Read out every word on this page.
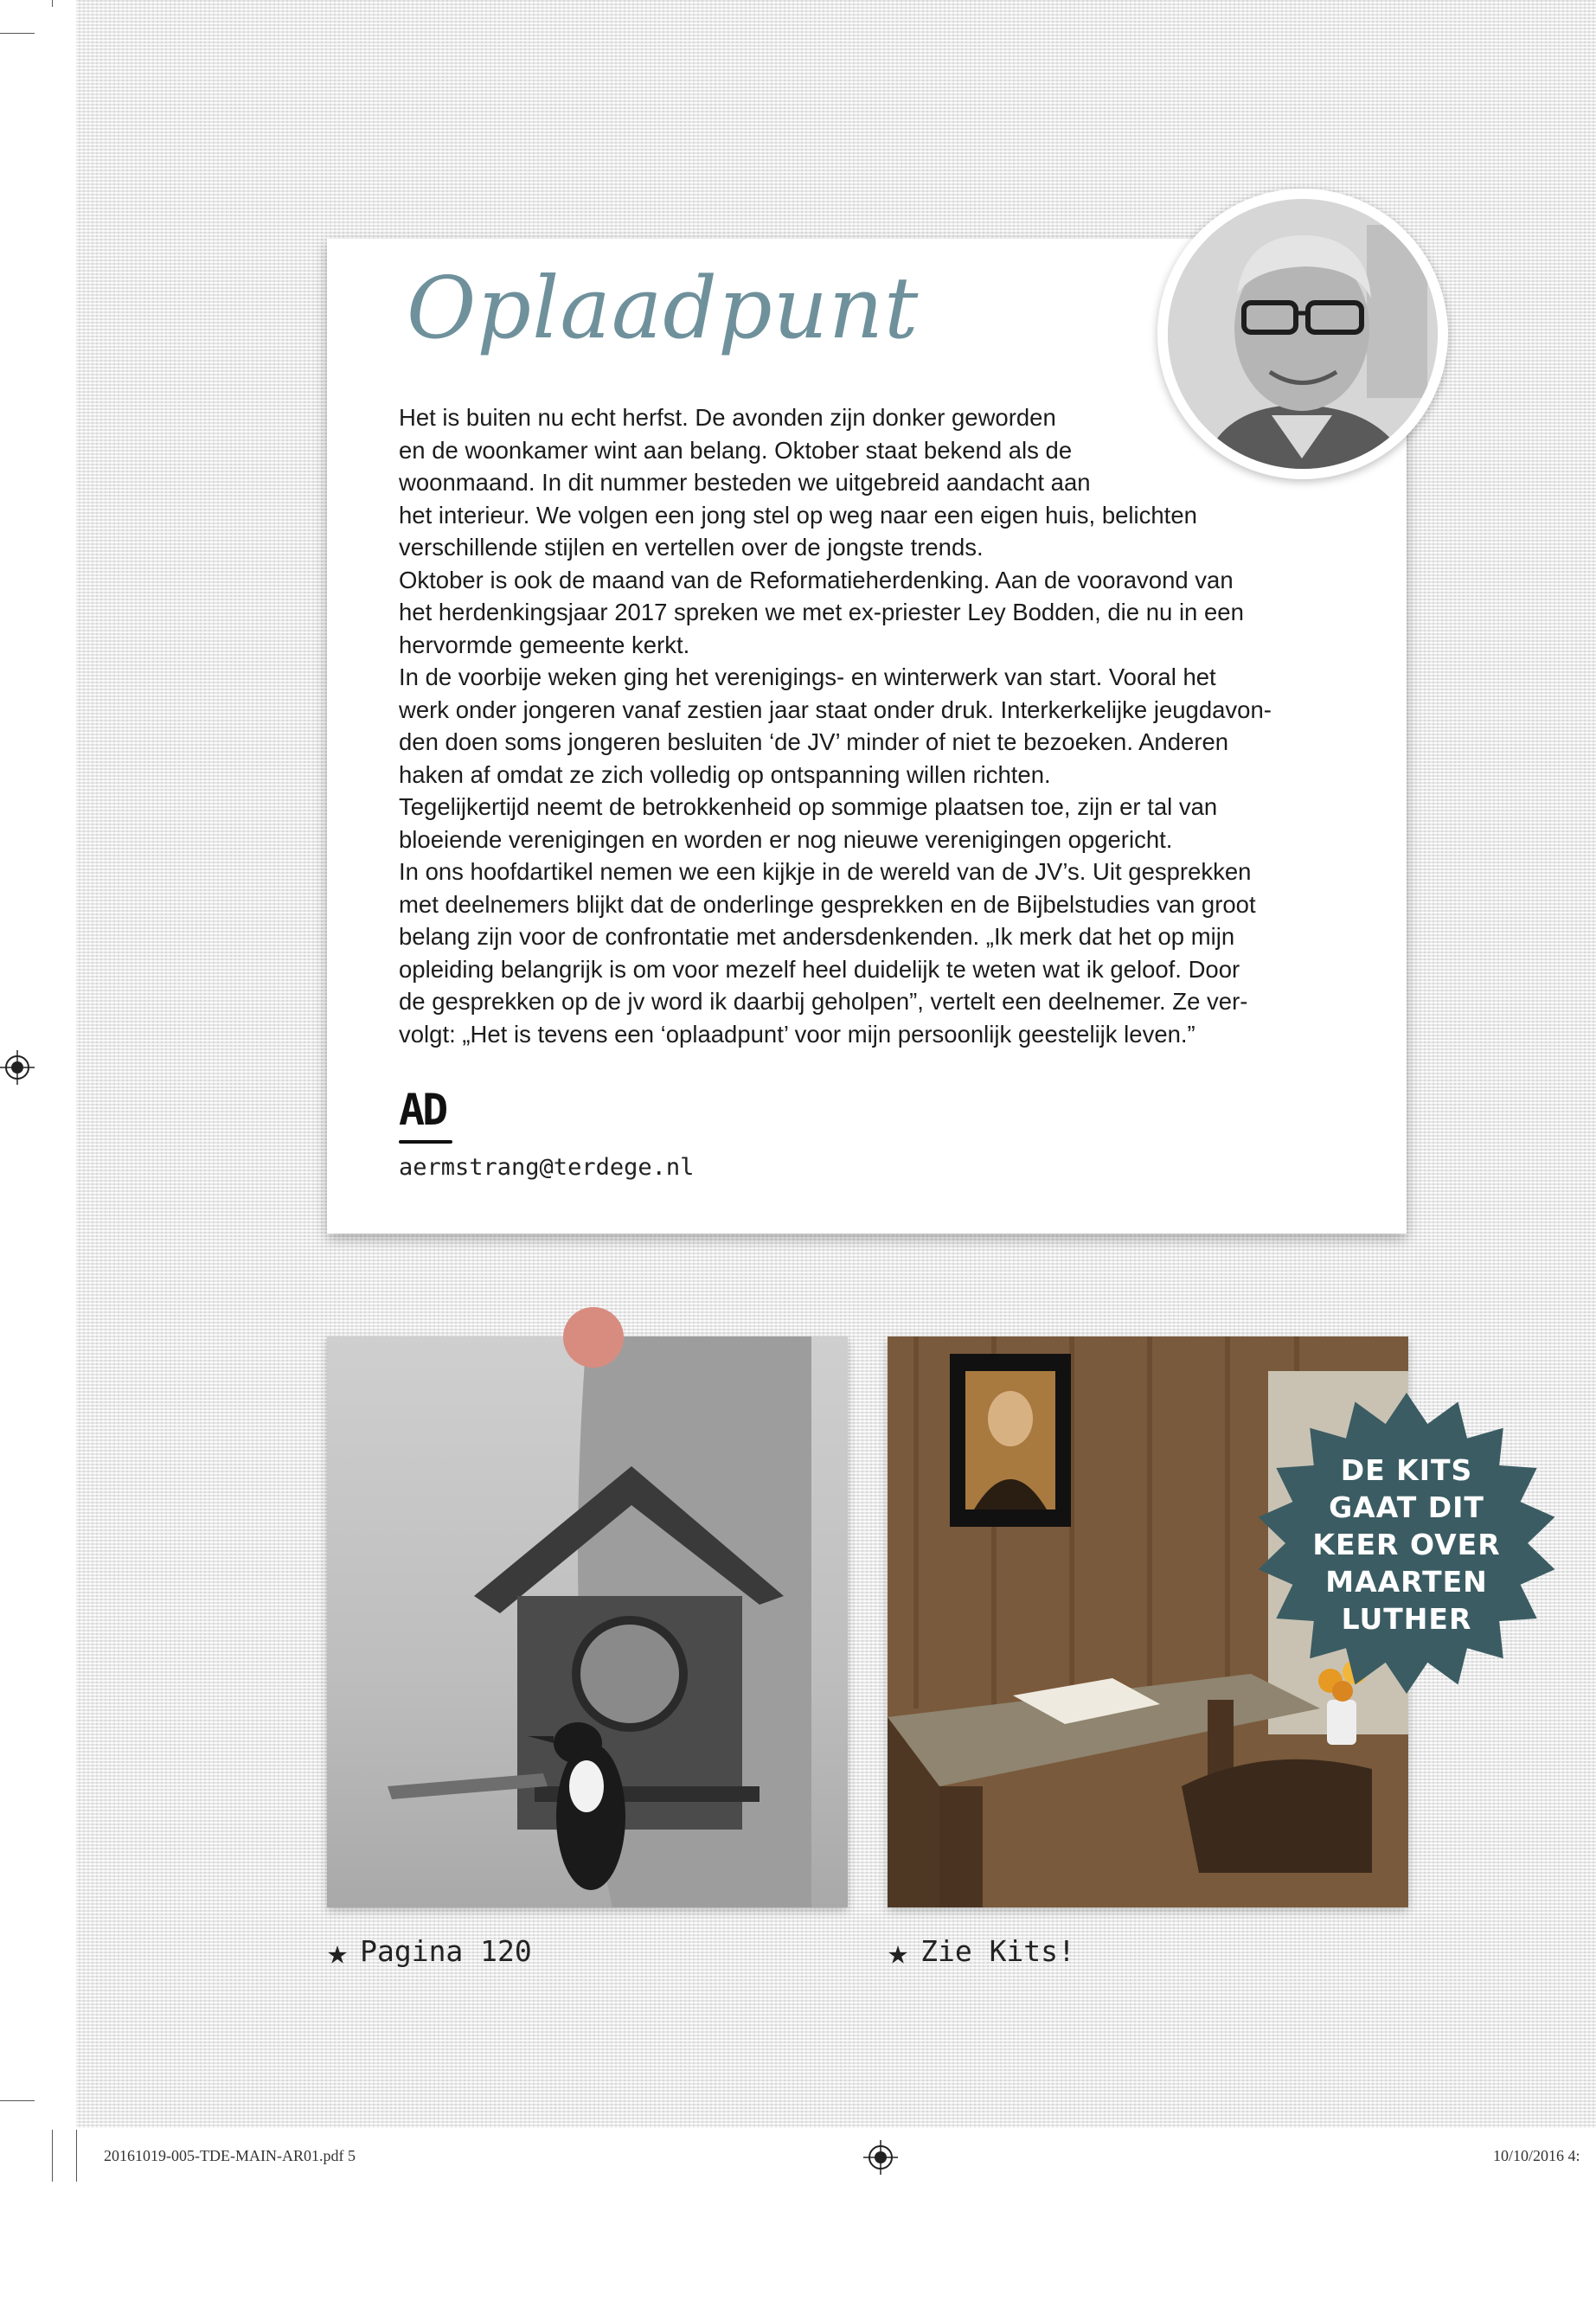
Oplaadpunt
Het is buiten nu echt herfst. De avonden zijn donker geworden
en de woonkamer wint aan belang. Oktober staat bekend als de
woonmaand. In dit nummer besteden we uitgebreid aandacht aan
het interieur. We volgen een jong stel op weg naar een eigen huis, belichten
verschillende stijlen en vertellen over de jongste trends.
Oktober is ook de maand van de Reformatieherdenking. Aan de vooravond van
het herdenkingsjaar 2017 spreken we met ex-priester Ley Bodden, die nu in een
hervormde gemeente kerkt.
In de voorbije weken ging het verenigings- en winterwerk van start. Vooral het
werk onder jongeren vanaf zestien jaar staat onder druk. Interkerkelijke jeugdavon-
den doen soms jongeren besluiten ‘de JV’ minder of niet te bezoeken. Anderen
haken af omdat ze zich volledig op ontspanning willen richten.
Tegelijkertijd neemt de betrokkenheid op sommige plaatsen toe, zijn er tal van
bloeiende verenigingen en worden er nog nieuwe verenigingen opgericht.
In ons hoofdartikel nemen we een kijkje in de wereld van de JV’s. Uit gesprekken
met deelnemers blijkt dat de onderlinge gesprekken en de Bijbelstudies van groot
belang zijn voor de confrontatie met andersdenkenden. „Ik merk dat het op mijn
opleiding belangrijk is om voor mezelf heel duidelijk te weten wat ik geloof. Door
de gesprekken op de jv word ik daarbij geholpen”, vertelt een deelnemer. Ze ver-
volgt: „Het is tevens een ‘oplaadpunt’ voor mijn persoonlijk geestelijk leven.”
AD
aermstrang@terdege.nl
DE KITS
GAAT DIT
KEER OVER
MAARTEN
LUTHER
★ Pagina 120	★ Zie Kits!
20161019-005-TDE-MAIN-AR01.pdf 5	10/10/2016 4:
